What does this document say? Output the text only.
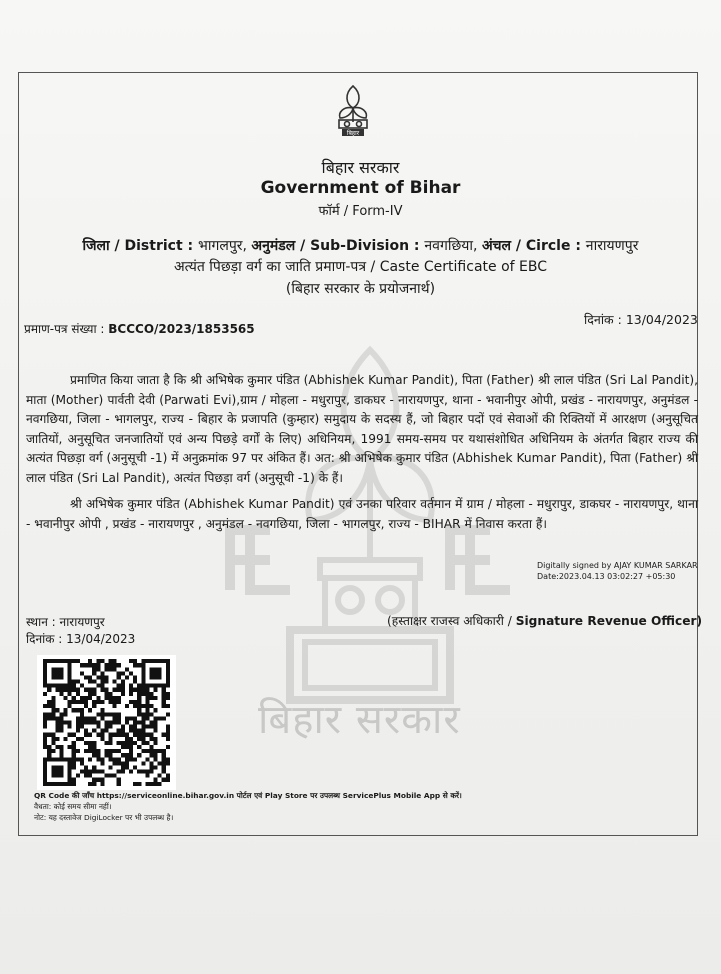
बिहार सरकार
बिहार
बिहार सरकार
Government of Bihar
फॉर्म / Form-IV
जिला / District : भागलपुर, अनुमंडल / Sub-Division : नवगछिया, अंचल / Circle : नारायणपुर
अत्यंत पिछड़ा वर्ग का जाति प्रमाण-पत्र / Caste Certificate of EBC
(बिहार सरकार के प्रयोजनार्थ)
प्रमाण-पत्र संख्या : BCCCO/2023/1853565
दिनांक : 13/04/2023
प्रमाणित किया जाता है कि श्री अभिषेक कुमार पंडित (Abhishek Kumar Pandit), पिता (Father) श्री लाल पंडित (Sri Lal Pandit), माता (Mother) पार्वती देवी (Parwati Evi),ग्राम / मोहला - मधुरापुर, डाकघर - नारायणपुर, थाना - भवानीपुर ओपी, प्रखंड - नारायणपुर, अनुमंडल - नवगछिया, जिला - भागलपुर, राज्य - बिहार के प्रजापति (कुम्हार) समुदाय के सदस्य हैं, जो बिहार पदों एवं सेवाओं की रिक्तियों में आरक्षण (अनुसूचित जातियों, अनुसूचित जनजातियों एवं अन्य पिछड़े वर्गों के लिए) अधिनियम, 1991 समय-समय पर यथासंशोधित अधिनियम के अंतर्गत बिहार राज्य की अत्यंत पिछड़ा वर्ग (अनुसूची -1) में अनुक्रमांक 97 पर अंकित हैं। अत: श्री अभिषेक कुमार पंडित (Abhishek Kumar Pandit), पिता (Father) श्री लाल पंडित (Sri Lal Pandit), अत्यंत पिछड़ा वर्ग (अनुसूची -1) के हैं।
श्री अभिषेक कुमार पंडित (Abhishek Kumar Pandit) एवं उनका परिवार वर्तमान में ग्राम / मोहला - मधुरापुर, डाकघर - नारायणपुर, थाना - भवानीपुर ओपी , प्रखंड - नारायणपुर , अनुमंडल - नवगछिया, जिला - भागलपुर, राज्य - BIHAR में निवास करता हैं।
Digitally signed by AJAY KUMAR SARKAR
Date:2023.04.13 03:02:27 +05:30
स्थान : नारायणपुर
दिनांक : 13/04/2023
(हस्ताक्षर राजस्व अधिकारी / Signature Revenue Officer)
QR Code की जाँच https://serviceonline.bihar.gov.in पोर्टल एवं Play Store पर उपलब्ध ServicePlus Mobile App से करें।
वैधता: कोई समय सीमा नहीं।
नोट: यह दस्तावेज DigiLocker पर भी उपलब्ध है।
